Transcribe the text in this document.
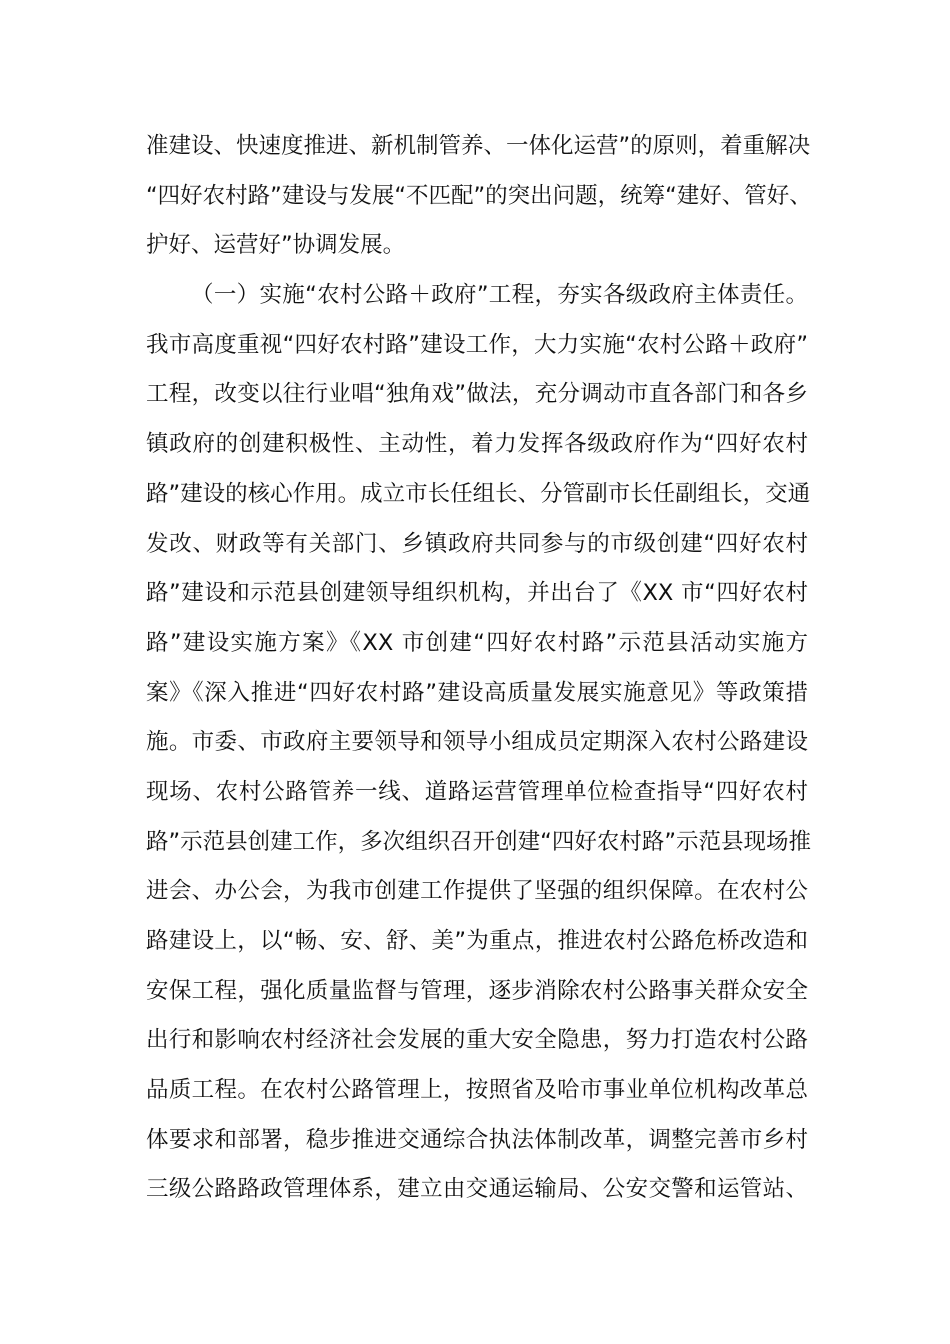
准建设、快速度推进、新机制管养、一体化运营”的原则，着重解决
“四好农村路”建设与发展“不匹配”的突出问题，统筹“建好、管好、
护好、运营好”协调发展。
（一）实施“农村公路＋政府”工程，夯实各级政府主体责任。
我市高度重视“四好农村路”建设工作，大力实施“农村公路＋政府”
工程，改变以往行业唱“独角戏”做法，充分调动市直各部门和各乡
镇政府的创建积极性、主动性，着力发挥各级政府作为“四好农村
路”建设的核心作用。成立市长任组长、分管副市长任副组长，交通
发改、财政等有关部门、乡镇政府共同参与的市级创建“四好农村
路”建设和示范县创建领导组织机构，并出台了《XX 市“四好农村
路”建设实施方案》《XX 市创建“四好农村路”示范县活动实施方
案》《深入推进“四好农村路”建设高质量发展实施意见》等政策措
施。市委、市政府主要领导和领导小组成员定期深入农村公路建设
现场、农村公路管养一线、道路运营管理单位检查指导“四好农村
路”示范县创建工作，多次组织召开创建“四好农村路”示范县现场推
进会、办公会，为我市创建工作提供了坚强的组织保障。在农村公
路建设上，以“畅、安、舒、美”为重点，推进农村公路危桥改造和
安保工程，强化质量监督与管理，逐步消除农村公路事关群众安全
出行和影响农村经济社会发展的重大安全隐患，努力打造农村公路
品质工程。在农村公路管理上，按照省及哈市事业单位机构改革总
体要求和部署，稳步推进交通综合执法体制改革，调整完善市乡村
三级公路路政管理体系，建立由交通运输局、公安交警和运管站、
